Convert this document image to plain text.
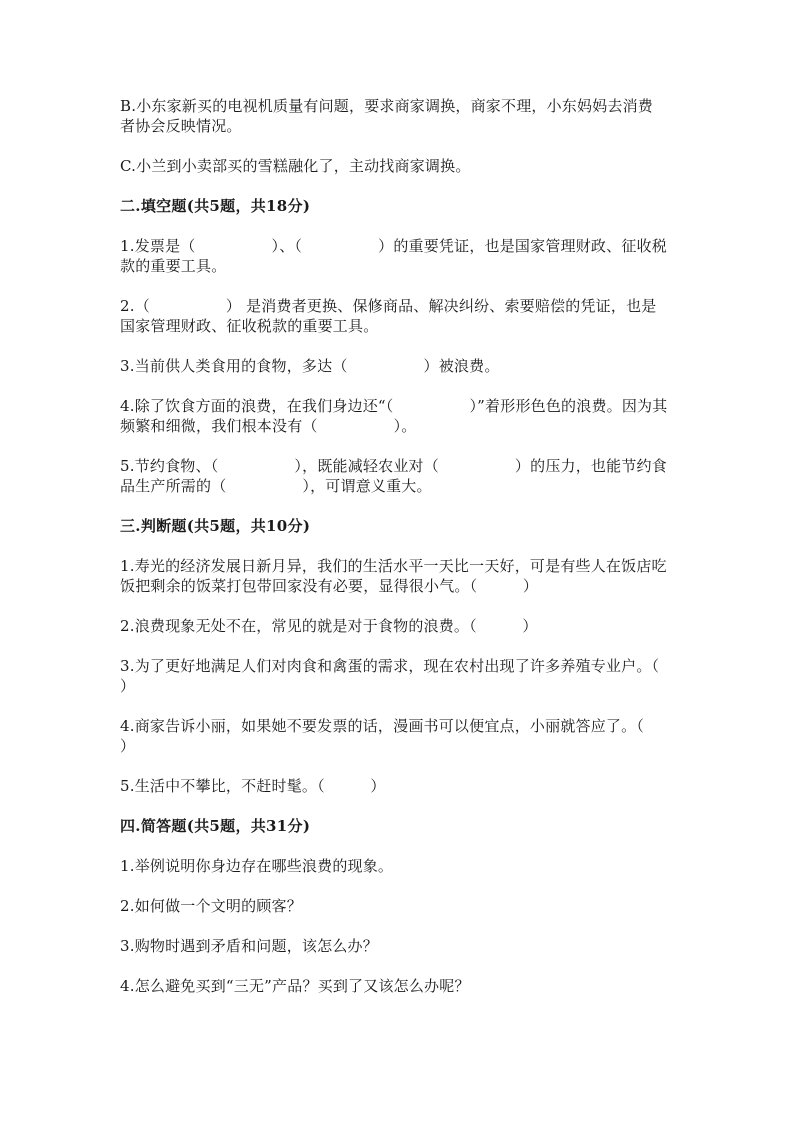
B.小东家新买的电视机质量有问题，要求商家调换，商家不理，小东妈妈去消费者协会反映情况。

C.小兰到小卖部买的雪糕融化了，主动找商家调换。

二.填空题(共5题，共18分)

1.发票是（　　　　　）、（　　　　　）的重要凭证，也是国家管理财政、征收税款的重要工具。

2.（　　　　　） 是消费者更换、保修商品、解决纠纷、索要赔偿的凭证，也是国家管理财政、征收税款的重要工具。

3.当前供人类食用的食物，多达（　　　　　）被浪费。

4.除了饮食方面的浪费，在我们身边还“（　　　　　）”着形形色色的浪费。因为其频繁和细微，我们根本没有（　　　　　）。

5.节约食物、（　　　　　），既能减轻农业对（　　　　　）的压力，也能节约食品生产所需的（　　　　　），可谓意义重大。

三.判断题(共5题，共10分)

1.寿光的经济发展日新月异，我们的生活水平一天比一天好，可是有些人在饭店吃饭把剩余的饭菜打包带回家没有必要，显得很小气。（　　　）

2.浪费现象无处不在，常见的就是对于食物的浪费。（　　　）

3.为了更好地满足人们对肉食和禽蛋的需求，现在农村出现了许多养殖专业户。（　　　）

4.商家告诉小丽，如果她不要发票的话，漫画书可以便宜点，小丽就答应了。（　　　）

5.生活中不攀比，不赶时髦。（　　　）

四.简答题(共5题，共31分)

1.举例说明你身边存在哪些浪费的现象。

2.如何做一个文明的顾客？

3.购物时遇到矛盾和问题，该怎么办？

4.怎么避免买到“三无”产品？买到了又该怎么办呢？
